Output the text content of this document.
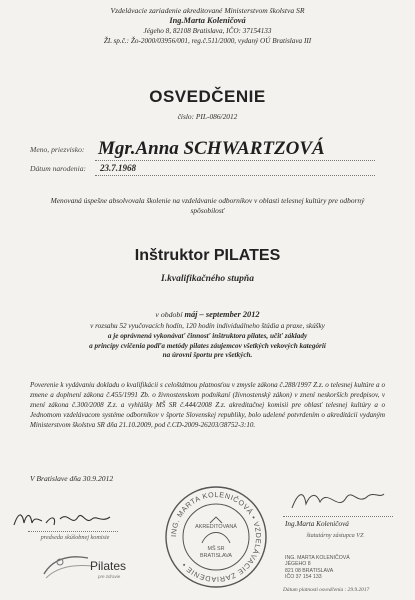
Vzdelávacie zariadenie akreditované Ministerstvom školstva SR
Ing.Marta Koleničová
Jégeho 8, 82108 Bratislava, IČO: 37154133
ŽL sp.č.: Žo-2000/03956/001, reg.č.511/2000, vydaný OÚ Bratislava III
OSVEDČENIE
číslo: PIL-086/2012
Meno, priezvisko: Mgr.Anna SCHWARTZOVÁ
Dátum narodenia: 23.7.1968
Menovaná úspešne absolvovala školenie na vzdelávanie odborníkov v oblasti telesnej kultúry pre odborný spôsobilosť
Inštruktor PILATES
I.kvalifikačného stupňa
v období máj – september 2012
v rozsahu 52 vyučovacích hodín, 120 hodín individuálneho štúdia a praxe, skúšky
a je oprávnená vykonávať činnosť inštruktora pilates, učiť základy
a princípy cvičenia podľa metódy pilates záujemcov všetkých vekových kategórií
na úrovni športu pre všetkých.
Poverenie k vydávaniu dokladu o kvalifikácii s celoštátnou platnosťou v zmysle zákona č.288/1997 Z.z. o telesnej kultúre a o zmene a doplnení zákona č.455/1991 Zb. o živnostenskom podnikaní (živnostenský zákon) v znení neskorších predpisov, v znení zákona č.300/2008 Z.z. a vyhlášky MŠ SR č.444/2008 Z.z. akreditačnej komisii pre oblasť telesnej kultúry a o Jednotnom vzdelávacom systéme odborníkov v športe Slovenskej republiky, bolo udelené potvrdením o akreditácii vydaným Ministerstvom školstva SR dňa 21.10.2009, pod č.CD-2009-26203/38752-3:10.
V Bratislave dňa 30.9.2012
predseda skúšobnej komisie
Pilates
pre zdravie
ING. MARTA KOLENIČOVÁ • VZDELÁVACIE ZARIADENIE •
AKREDITOVANÁ
MŠ SR
BRATISLAVA
Ing.Marta Koleničová
štatutárny zástupca VZ
ING. MARTA KOLENIČOVÁ
JÉGEHO 8
821 08 BRATISLAVA
IČO 37 154 133
Dátum platnosti osvedčenia : 29.9.2017
